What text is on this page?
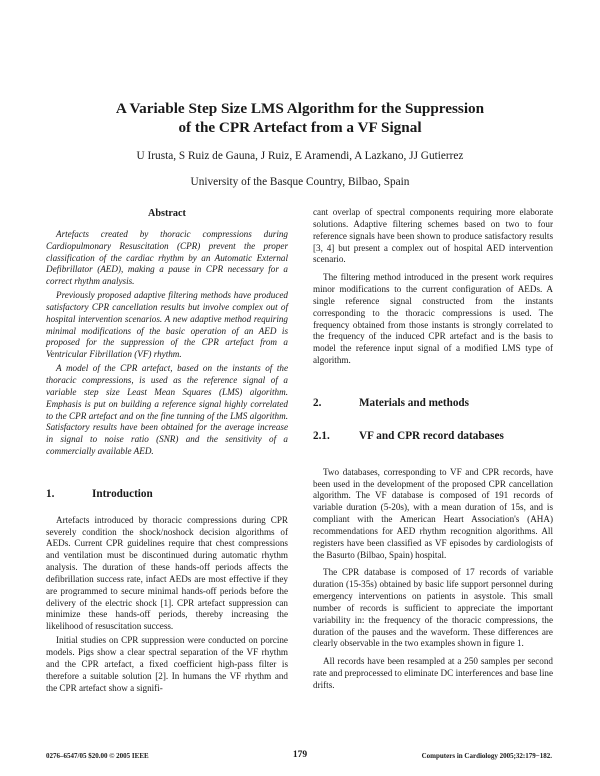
A Variable Step Size LMS Algorithm for the Suppression
of the CPR Artefact from a VF Signal
U Irusta, S Ruiz de Gauna, J Ruiz, E Aramendi, A Lazkano, JJ Gutierrez
University of the Basque Country, Bilbao, Spain
Abstract

Artefacts created by thoracic compressions during Cardiopulmonary Resuscitation (CPR) prevent the proper classification of the cardiac rhythm by an Automatic External Defibrillator (AED), making a pause in CPR necessary for a correct rhythm analysis.

Previously proposed adaptive filtering methods have produced satisfactory CPR cancellation results but involve complex out of hospital intervention scenarios. A new adaptive method requiring minimal modifications of the basic operation of an AED is proposed for the suppression of the CPR artefact from a Ventricular Fibrillation (VF) rhythm.

A model of the CPR artefact, based on the instants of the thoracic compressions, is used as the reference signal of a variable step size Least Mean Squares (LMS) algorithm. Emphasis is put on building a reference signal highly correlated to the CPR artefact and on the fine tunning of the LMS algorithm. Satisfactory results have been obtained for the average increase in signal to noise ratio (SNR) and the sensitivity of a commercially available AED.

1.	Introduction

Artefacts introduced by thoracic compressions during CPR severely condition the shock/noshock decision algorithms of AEDs. Current CPR guidelines require that chest compressions and ventilation must be discontinued during automatic rhythm analysis. The duration of these hands-off periods affects the defibrillation success rate, infact AEDs are most effective if they are programmed to secure minimal hands-off periods before the delivery of the electric shock [1]. CPR artefact suppression can minimize these hands-off periods, thereby increasing the likelihood of resuscitation success.

Initial studies on CPR suppression were conducted on porcine models. Pigs show a clear spectral separation of the VF rhythm and the CPR artefact, a fixed coefficient high-pass filter is therefore a suitable solution [2]. In humans the VF rhythm and the CPR artefact show a signifi-

cant overlap of spectral components requiring more elaborate solutions. Adaptive filtering schemes based on two to four reference signals have been shown to produce satisfactory results [3, 4] but present a complex out of hospital AED intervention scenario.

The filtering method introduced in the present work requires minor modifications to the current configuration of AEDs. A single reference signal constructed from the instants corresponding to the thoracic compressions is used. The frequency obtained from those instants is strongly correlated to the frequency of the induced CPR artefact and is the basis to model the reference input signal of a modified LMS type of algorithm.

2.	Materials and methods
2.1.	VF and CPR record databases

Two databases, corresponding to VF and CPR records, have been used in the development of the proposed CPR cancellation algorithm. The VF database is composed of 191 records of variable duration (5-20s), with a mean duration of 15s, and is compliant with the American Heart Association's (AHA) recommendations for AED rhythm recognition algorithms. All registers have been classified as VF episodes by cardiologists of the Basurto (Bilbao, Spain) hospital.

The CPR database is composed of 17 records of variable duration (15-35s) obtained by basic life support personnel during emergency interventions on patients in asystole. This small number of records is sufficient to appreciate the important variability in: the frequency of the thoracic compressions, the duration of the pauses and the waveform. These differences are clearly observable in the two examples shown in figure 1.

All records have been resampled at a 250 samples per second rate and preprocessed to eliminate DC interferences and base line drifts.

0276–6547/05 $20.00 © 2005 IEEE	179	Computers in Cardiology 2005;32:179−182.
